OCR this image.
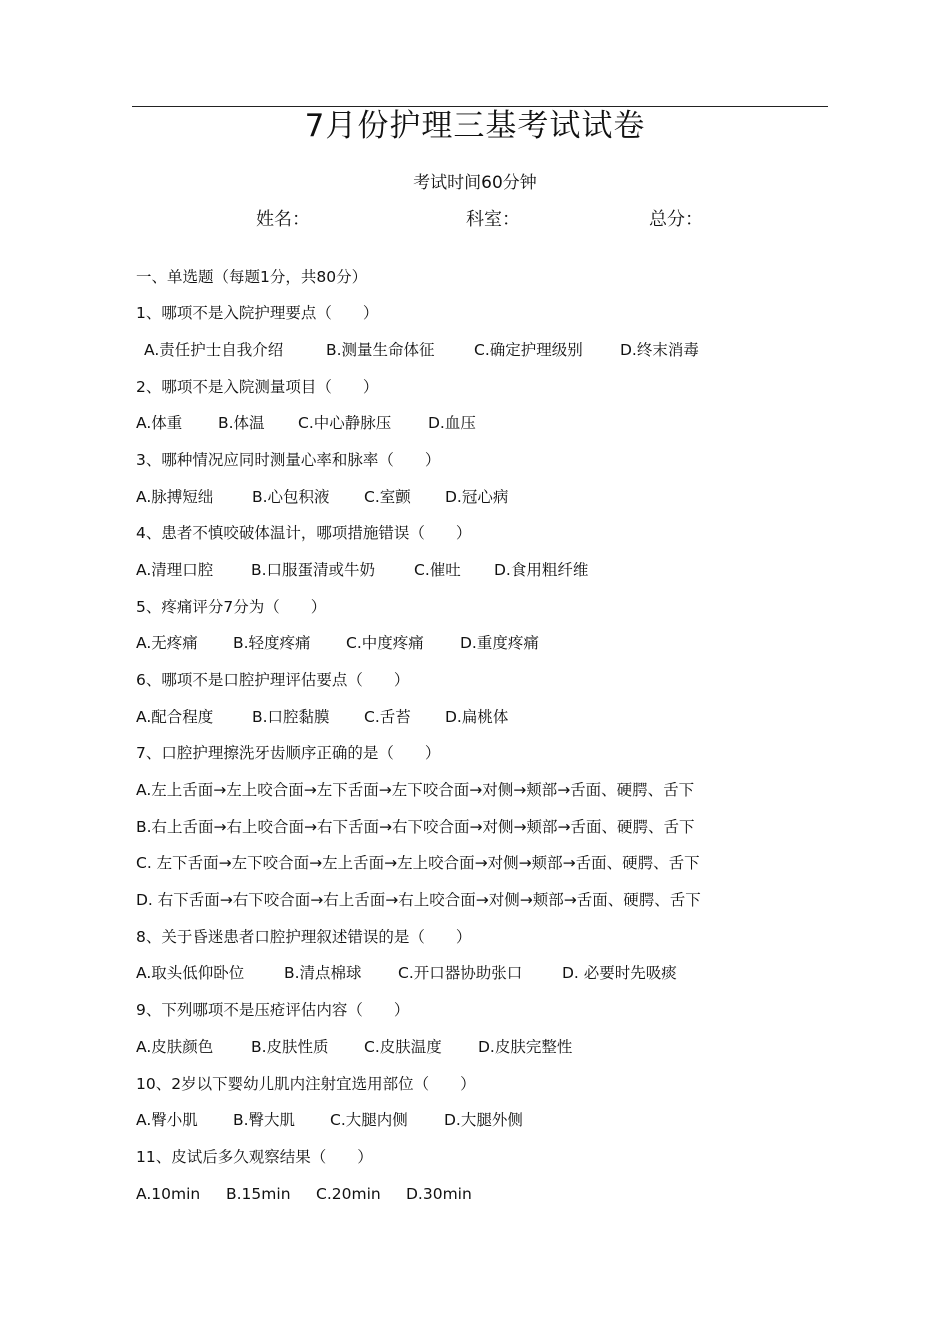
7月份护理三基考试试卷
考试时间60分钟
姓名：	科室：	总分：
一、单选题（每题1分，共80分）
1、哪项不是入院护理要点（　　）
A.责任护士自我介绍	B.测量生命体征	C.确定护理级别 D.终末消毒
2、哪项不是入院测量项目（　　）
A.体重 B.体温 C.中心静脉压 D.血压
3、哪种情况应同时测量心率和脉率（　　）
A.脉搏短绌 B.心包积液 C.室颤 D.冠心病
4、患者不慎咬破体温计，哪项措施错误（　　）
A.清理口腔 B.口服蛋清或牛奶	C.催吐 D.食用粗纤维
5、疼痛评分7分为（　　）
A.无疼痛 B.轻度疼痛 C.中度疼痛 D.重度疼痛
6、哪项不是口腔护理评估要点（　　）
A.配合程度 B.口腔黏膜 C.舌苔 D.扁桃体
7、口腔护理擦洗牙齿顺序正确的是（　　）
A.左上舌面→左上咬合面→左下舌面→左下咬合面→对侧→颊部→舌面、硬腭、舌下
B.右上舌面→右上咬合面→右下舌面→右下咬合面→对侧→颊部→舌面、硬腭、舌下
C. 左下舌面→左下咬合面→左上舌面→左上咬合面→对侧→颊部→舌面、硬腭、舌下
D. 右下舌面→右下咬合面→右上舌面→右上咬合面→对侧→颊部→舌面、硬腭、舌下
8、关于昏迷患者口腔护理叙述错误的是（　　）
A.取头低仰卧位	B.清点棉球 C.开口器协助张口	D. 必要时先吸痰
9、下列哪项不是压疮评估内容（　　）
A.皮肤颜色 B.皮肤性质 C.皮肤温度 D.皮肤完整性
10、2岁以下婴幼儿肌内注射宜选用部位（　　）
A.臀小肌 B.臀大肌 C.大腿内侧 D.大腿外侧
11、皮试后多久观察结果（　　）
A.10min B.15min C.20min D.30min
